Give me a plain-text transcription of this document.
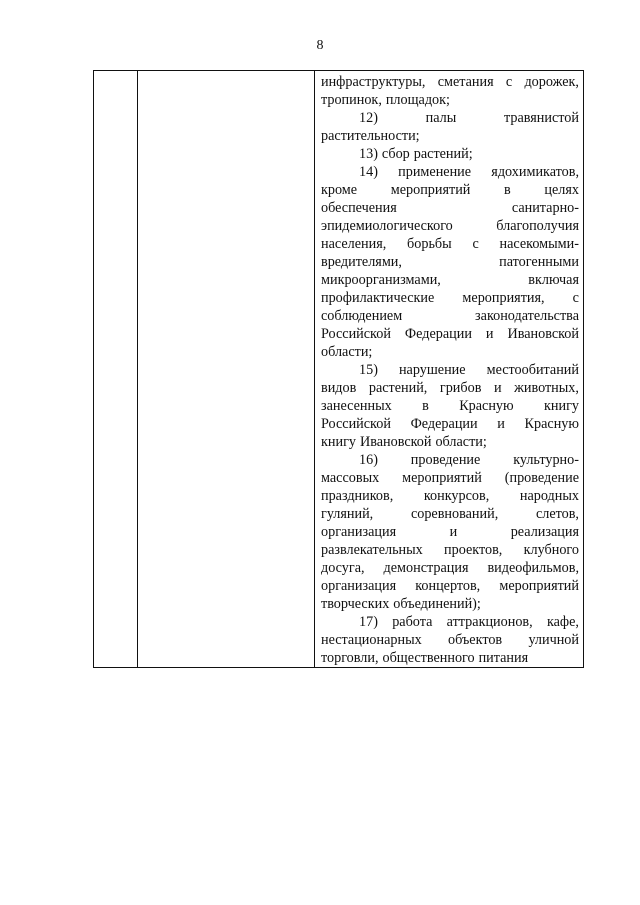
8

инфраструктуры, сметания с дорожек,
тропинок, площадок;
12)	палы	травянистой
растительности;
13) сбор растений;
14) применение ядохимикатов,
кроме мероприятий в целях
обеспечения	санитарно-
эпидемиологического	благополучия
населения, борьбы с насекомыми-
вредителями,	патогенными
микроорганизмами,	включая
профилактические мероприятия, с
соблюдением	законодательства
Российской Федерации и Ивановской
области;
15) нарушение местообитаний
видов растений, грибов и животных,
занесенных в Красную книгу
Российской Федерации и Красную
книгу Ивановской области;
16) проведение культурно-
массовых мероприятий (проведение
праздников, конкурсов, народных
гуляний,	соревнований,	слетов,
организация	и	реализация
развлекательных проектов, клубного
досуга, демонстрация видеофильмов,
организация концертов, мероприятий
творческих объединений);
17) работа аттракционов, кафе,
нестационарных объектов уличной
торговли, общественного питания
